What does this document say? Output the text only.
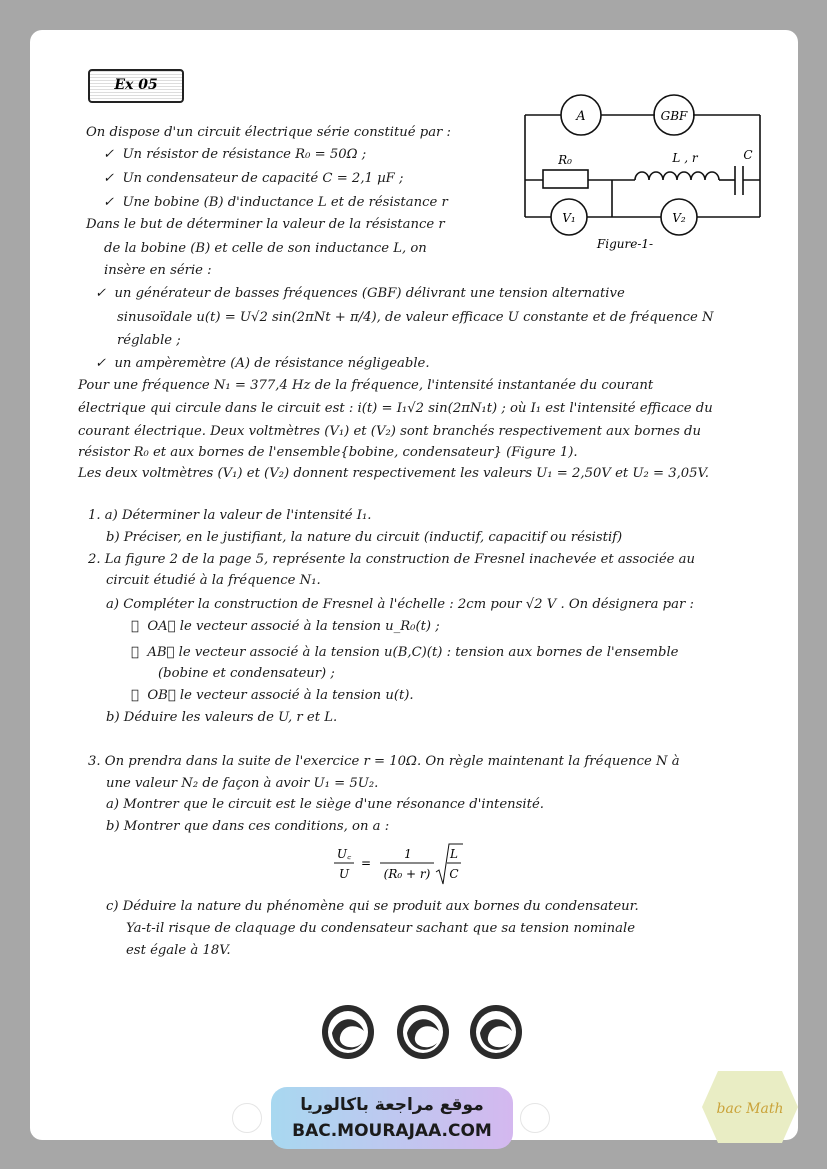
Ex 05
A	GBF
R₀	L , r	C
V₁	V₂
Figure-1-
On dispose d'un circuit électrique série constitué par :
✓  Un résistor de résistance R₀ = 50Ω ;
✓  Un condensateur de capacité C = 2,1 µF ;
✓  Une bobine (B) d'inductance L et de résistance r
Dans le but de déterminer la valeur de la résistance r
de la bobine (B) et celle de son inductance L, on
insère en série :
✓  un générateur de basses fréquences (GBF) délivrant une tension alternative
sinusoïdale u(t) = U√2 sin(2πNt + π/4), de valeur efficace U constante et de fréquence N
réglable ;
✓  un ampèremètre (A) de résistance négligeable.
Pour une fréquence N₁ = 377,4 Hz de la fréquence, l'intensité instantanée du courant
électrique qui circule dans le circuit est : i(t) = I₁√2 sin(2πN₁t) ; où I₁ est l'intensité efficace du
courant électrique. Deux voltmètres (V₁) et (V₂) sont branchés respectivement aux bornes du
résistor R₀ et aux bornes de l'ensemble{bobine, condensateur} (Figure 1).
Les deux voltmètres (V₁) et (V₂) donnent respectivement les valeurs U₁ = 2,50V et U₂ = 3,05V.
1. a) Déterminer la valeur de l'intensité I₁.
b) Préciser, en le justifiant, la nature du circuit (inductif, capacitif ou résistif)
2. La figure 2 de la page 5, représente la construction de Fresnel inachevée et associée au
circuit étudié à la fréquence N₁.
a) Compléter la construction de Fresnel à l'échelle : 2cm pour √2 V . On désignera par :
✓  OA⃗ le vecteur associé à la tension u_R₀(t) ;
✓  AB⃗ le vecteur associé à la tension u(B,C)(t) : tension aux bornes de l'ensemble
(bobine et condensateur) ;
✓  OB⃗ le vecteur associé à la tension u(t).
b) Déduire les valeurs de U, r et L.
3. On prendra dans la suite de l'exercice r = 10Ω. On règle maintenant la fréquence N à
une valeur N₂ de façon à avoir U₁ = 5U₂.
a) Montrer que le circuit est le siège d'une résonance d'intensité.
b) Montrer que dans ces conditions, on a :
U꜀
U
=
1
(R₀ + r)
L
C
c) Déduire la nature du phénomène qui se produit aux bornes du condensateur.
Ya-t-il risque de claquage du condensateur sachant que sa tension nominale
est égale à 18V.
موقع مراجعة باكالوريا
BAC.MOURAJAA.COM
bac Math
